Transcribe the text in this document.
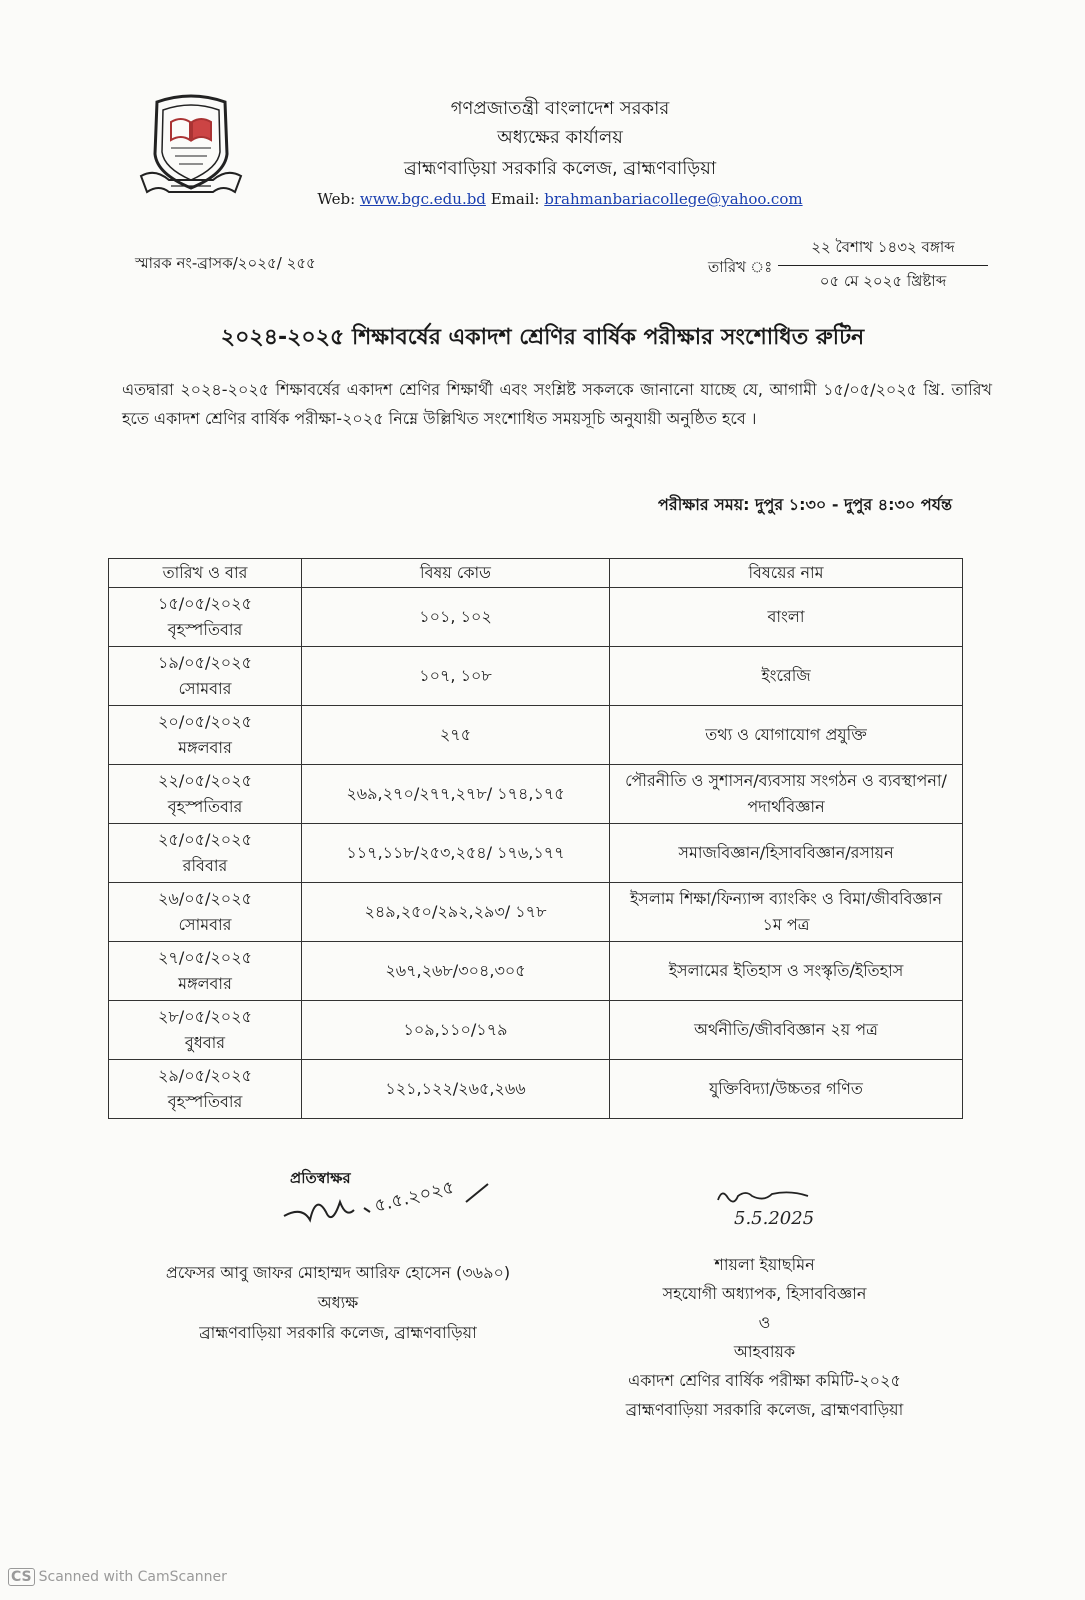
গণপ্রজাতন্ত্রী বাংলাদেশ সরকার
অধ্যক্ষের কার্যালয়
ব্রাহ্মণবাড়িয়া সরকারি কলেজ, ব্রাহ্মণবাড়িয়া
Web: www.bgc.edu.bd Email: brahmanbariacollege@yahoo.com
স্মারক নং-ব্রাসক/২০২৫/ ২৫৫	তারিখ ঃ
২২ বৈশাখ ১৪৩২ বঙ্গাব্দ
০৫ মে ২০২৫ খ্রিষ্টাব্দ
২০২৪-২০২৫ শিক্ষাবর্ষের একাদশ শ্রেণির বার্ষিক পরীক্ষার সংশোধিত রুটিন
এতদ্বারা ২০২৪-২০২৫ শিক্ষাবর্ষের একাদশ শ্রেণির শিক্ষার্থী এবং সংশ্লিষ্ট সকলকে জানানো যাচ্ছে যে, আগামী ১৫/০৫/২০২৫ খ্রি. তারিখ হতে একাদশ শ্রেণির বার্ষিক পরীক্ষা-২০২৫ নিম্নে উল্লিখিত সংশোধিত সময়সূচি অনুযায়ী অনুষ্ঠিত হবে ।
পরীক্ষার সময়: দুপুর ১:৩০ - দুপুর ৪:৩০ পর্যন্ত
তারিখ ও বার	বিষয় কোড	বিষয়ের নাম

১৫/০৫/২০২৫
বৃহস্পতিবার	১০১, ১০২	বাংলা

১৯/০৫/২০২৫
সোমবার	১০৭, ১০৮	ইংরেজি

২০/০৫/২০২৫
মঙ্গলবার	২৭৫	তথ্য ও যোগাযোগ প্রযুক্তি

২২/০৫/২০২৫
বৃহস্পতিবার	২৬৯,২৭০/২৭৭,২৭৮/ ১৭৪,১৭৫	পৌরনীতি ও সুশাসন/ব্যবসায় সংগঠন ও ব্যবস্থাপনা/পদার্থবিজ্ঞান

২৫/০৫/২০২৫
রবিবার	১১৭,১১৮/২৫৩,২৫৪/ ১৭৬,১৭৭	সমাজবিজ্ঞান/হিসাববিজ্ঞান/রসায়ন

২৬/০৫/২০২৫
সোমবার	২৪৯,২৫০/২৯২,২৯৩/ ১৭৮	ইসলাম শিক্ষা/ফিন্যান্স ব্যাংকিং ও বিমা/জীববিজ্ঞান ১ম পত্র

২৭/০৫/২০২৫
মঙ্গলবার	২৬৭,২৬৮/৩০৪,৩০৫	ইসলামের ইতিহাস ও সংস্কৃতি/ইতিহাস

২৮/০৫/২০২৫
বুধবার	১০৯,১১০/১৭৯	অর্থনীতি/জীববিজ্ঞান ২য় পত্র

২৯/০৫/২০২৫
বৃহস্পতিবার	১২১,১২২/২৬৫,২৬৬	যুক্তিবিদ্যা/উচ্চতর গণিত
প্রতিস্বাক্ষর ৫.৫.২০২৫
প্রফেসর আবু জাফর মোহাম্মদ আরিফ হোসেন (৩৬৯০)
অধ্যক্ষ
ব্রাহ্মণবাড়িয়া সরকারি কলেজ, ব্রাহ্মণবাড়িয়া
5.5.2025
শায়লা ইয়াছমিন
সহযোগী অধ্যাপক, হিসাববিজ্ঞান
ও
আহবায়ক
একাদশ শ্রেণির বার্ষিক পরীক্ষা কমিটি-২০২৫
ব্রাহ্মণবাড়িয়া সরকারি কলেজ, ব্রাহ্মণবাড়িয়া
CS Scanned with CamScanner
